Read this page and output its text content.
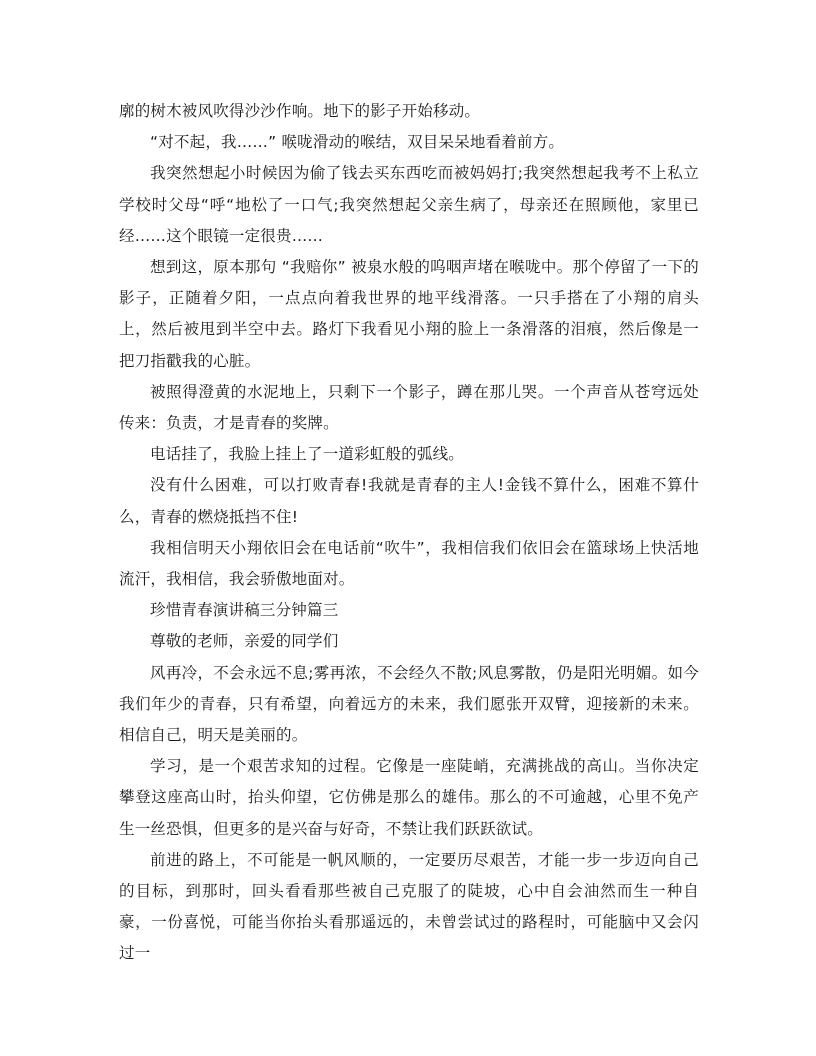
廓的树木被风吹得沙沙作响。地下的影子开始移动。

“对不起，我……” 喉咙滑动的喉结，双目呆呆地看着前方。

我突然想起小时候因为偷了钱去买东西吃而被妈妈打;我突然想起我考不上私立学校时父母“呼“地松了一口气;我突然想起父亲生病了，母亲还在照顾他，家里已经……这个眼镜一定很贵……

想到这，原本那句 “我赔你” 被泉水般的呜咽声堵在喉咙中。那个停留了一下的影子，正随着夕阳，一点点向着我世界的地平线滑落。一只手搭在了小翔的肩头上，然后被甩到半空中去。路灯下我看见小翔的脸上一条滑落的泪痕，然后像是一把刀指戳我的心脏。

被照得澄黄的水泥地上，只剩下一个影子，蹲在那儿哭。一个声音从苍穹远处传来：负责，才是青春的奖牌。

电话挂了，我脸上挂上了一道彩虹般的弧线。

没有什么困难，可以打败青春!我就是青春的主人!金钱不算什么，困难不算什么，青春的燃烧抵挡不住!

我相信明天小翔依旧会在电话前“吹牛”，我相信我们依旧会在篮球场上快活地流汗，我相信，我会骄傲地面对。

珍惜青春演讲稿三分钟篇三

尊敬的老师，亲爱的同学们

风再冷，不会永远不息;雾再浓，不会经久不散;风息雾散，仍是阳光明媚。如今我们年少的青春，只有希望，向着远方的未来，我们愿张开双臂，迎接新的未来。相信自己，明天是美丽的。

学习，是一个艰苦求知的过程。它像是一座陡峭，充满挑战的高山。当你决定攀登这座高山时，抬头仰望，它仿佛是那么的雄伟。那么的不可逾越，心里不免产生一丝恐惧，但更多的是兴奋与好奇，不禁让我们跃跃欲试。

前进的路上，不可能是一帆风顺的，一定要历尽艰苦，才能一步一步迈向自己的目标，到那时，回头看看那些被自己克服了的陡坡，心中自会油然而生一种自豪，一份喜悦，可能当你抬头看那遥远的，未曾尝试过的路程时，可能脑中又会闪过一
